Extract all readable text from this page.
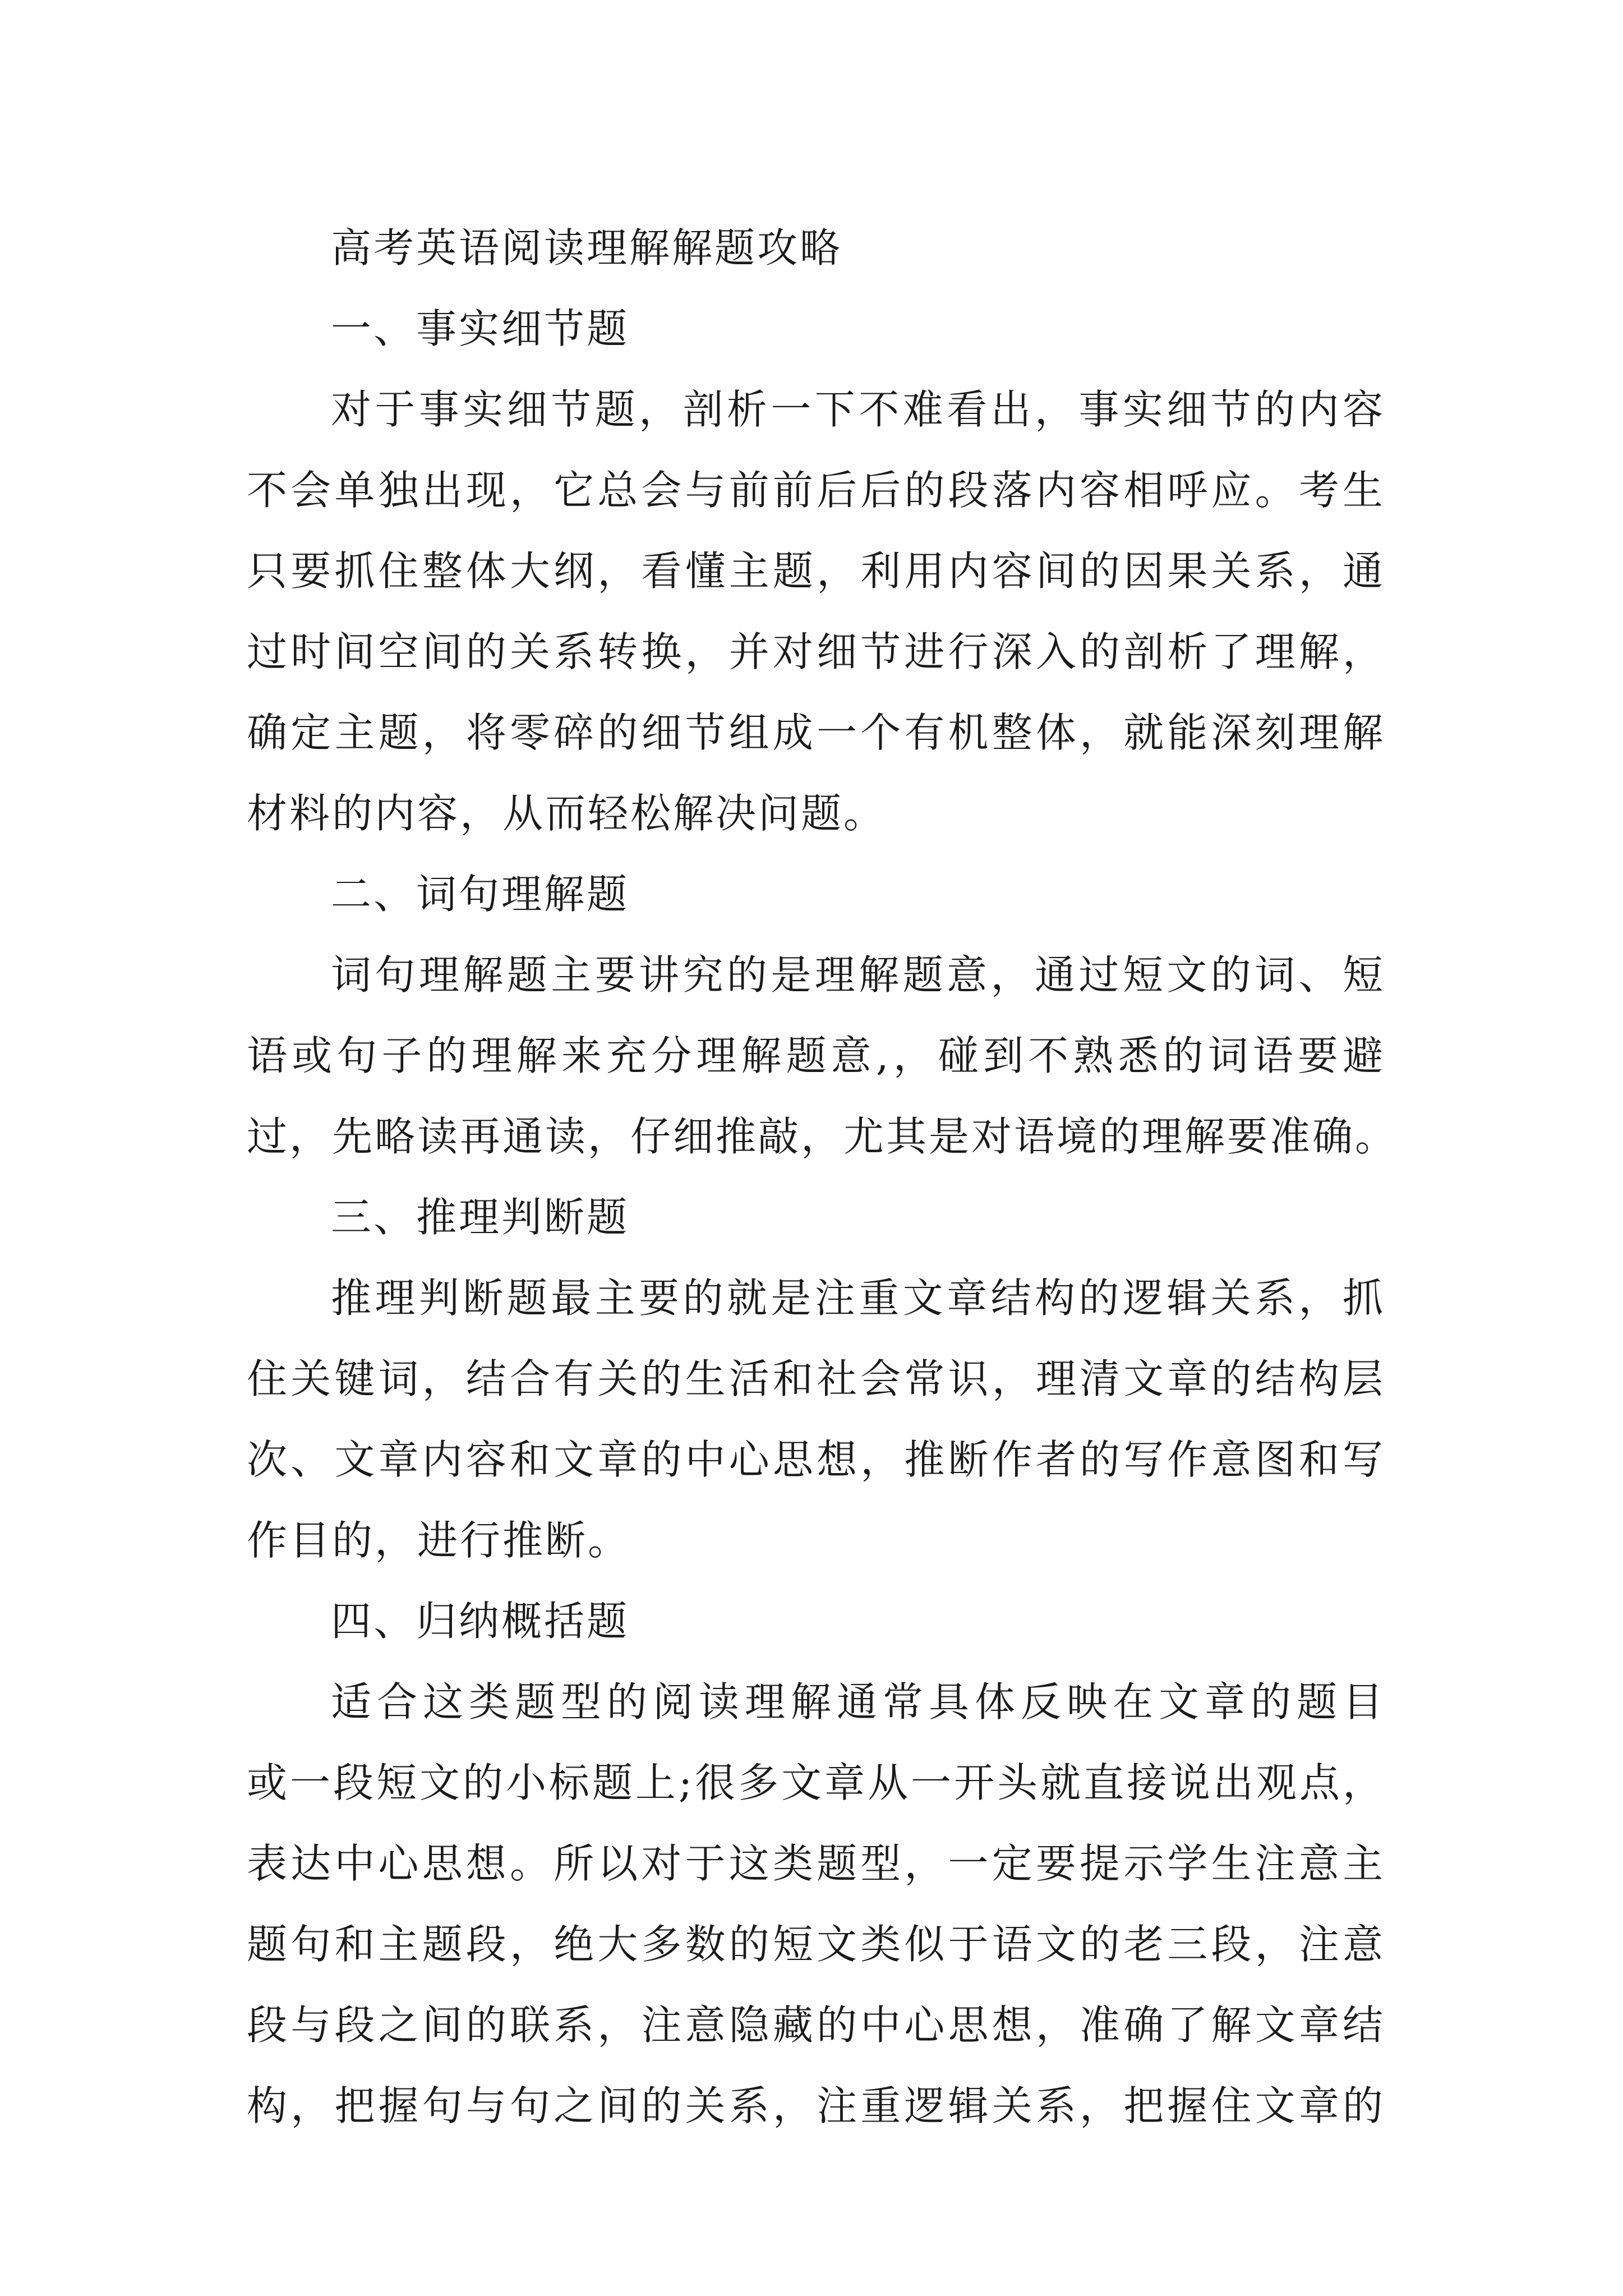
高考英语阅读理解解题攻略
一、事实细节题
对于事实细节题，剖析一下不难看出，事实细节的内容
不会单独出现，它总会与前前后后的段落内容相呼应。考生
只要抓住整体大纲，看懂主题，利用内容间的因果关系，通
过时间空间的关系转换，并对细节进行深入的剖析了理解，
确定主题，将零碎的细节组成一个有机整体，就能深刻理解
材料的内容，从而轻松解决问题。
二、词句理解题
词句理解题主要讲究的是理解题意，通过短文的词、短
语或句子的理解来充分理解题意,，碰到不熟悉的词语要避
过，先略读再通读，仔细推敲，尤其是对语境的理解要准确。
三、推理判断题
推理判断题最主要的就是注重文章结构的逻辑关系，抓
住关键词，结合有关的生活和社会常识，理清文章的结构层
次、文章内容和文章的中心思想，推断作者的写作意图和写
作目的，进行推断。
四、归纳概括题
适合这类题型的阅读理解通常具体反映在文章的题目
或一段短文的小标题上;很多文章从一开头就直接说出观点，
表达中心思想。所以对于这类题型，一定要提示学生注意主
题句和主题段，绝大多数的短文类似于语文的老三段，注意
段与段之间的联系，注意隐藏的中心思想，准确了解文章结
构，把握句与句之间的关系，注重逻辑关系，把握住文章的
